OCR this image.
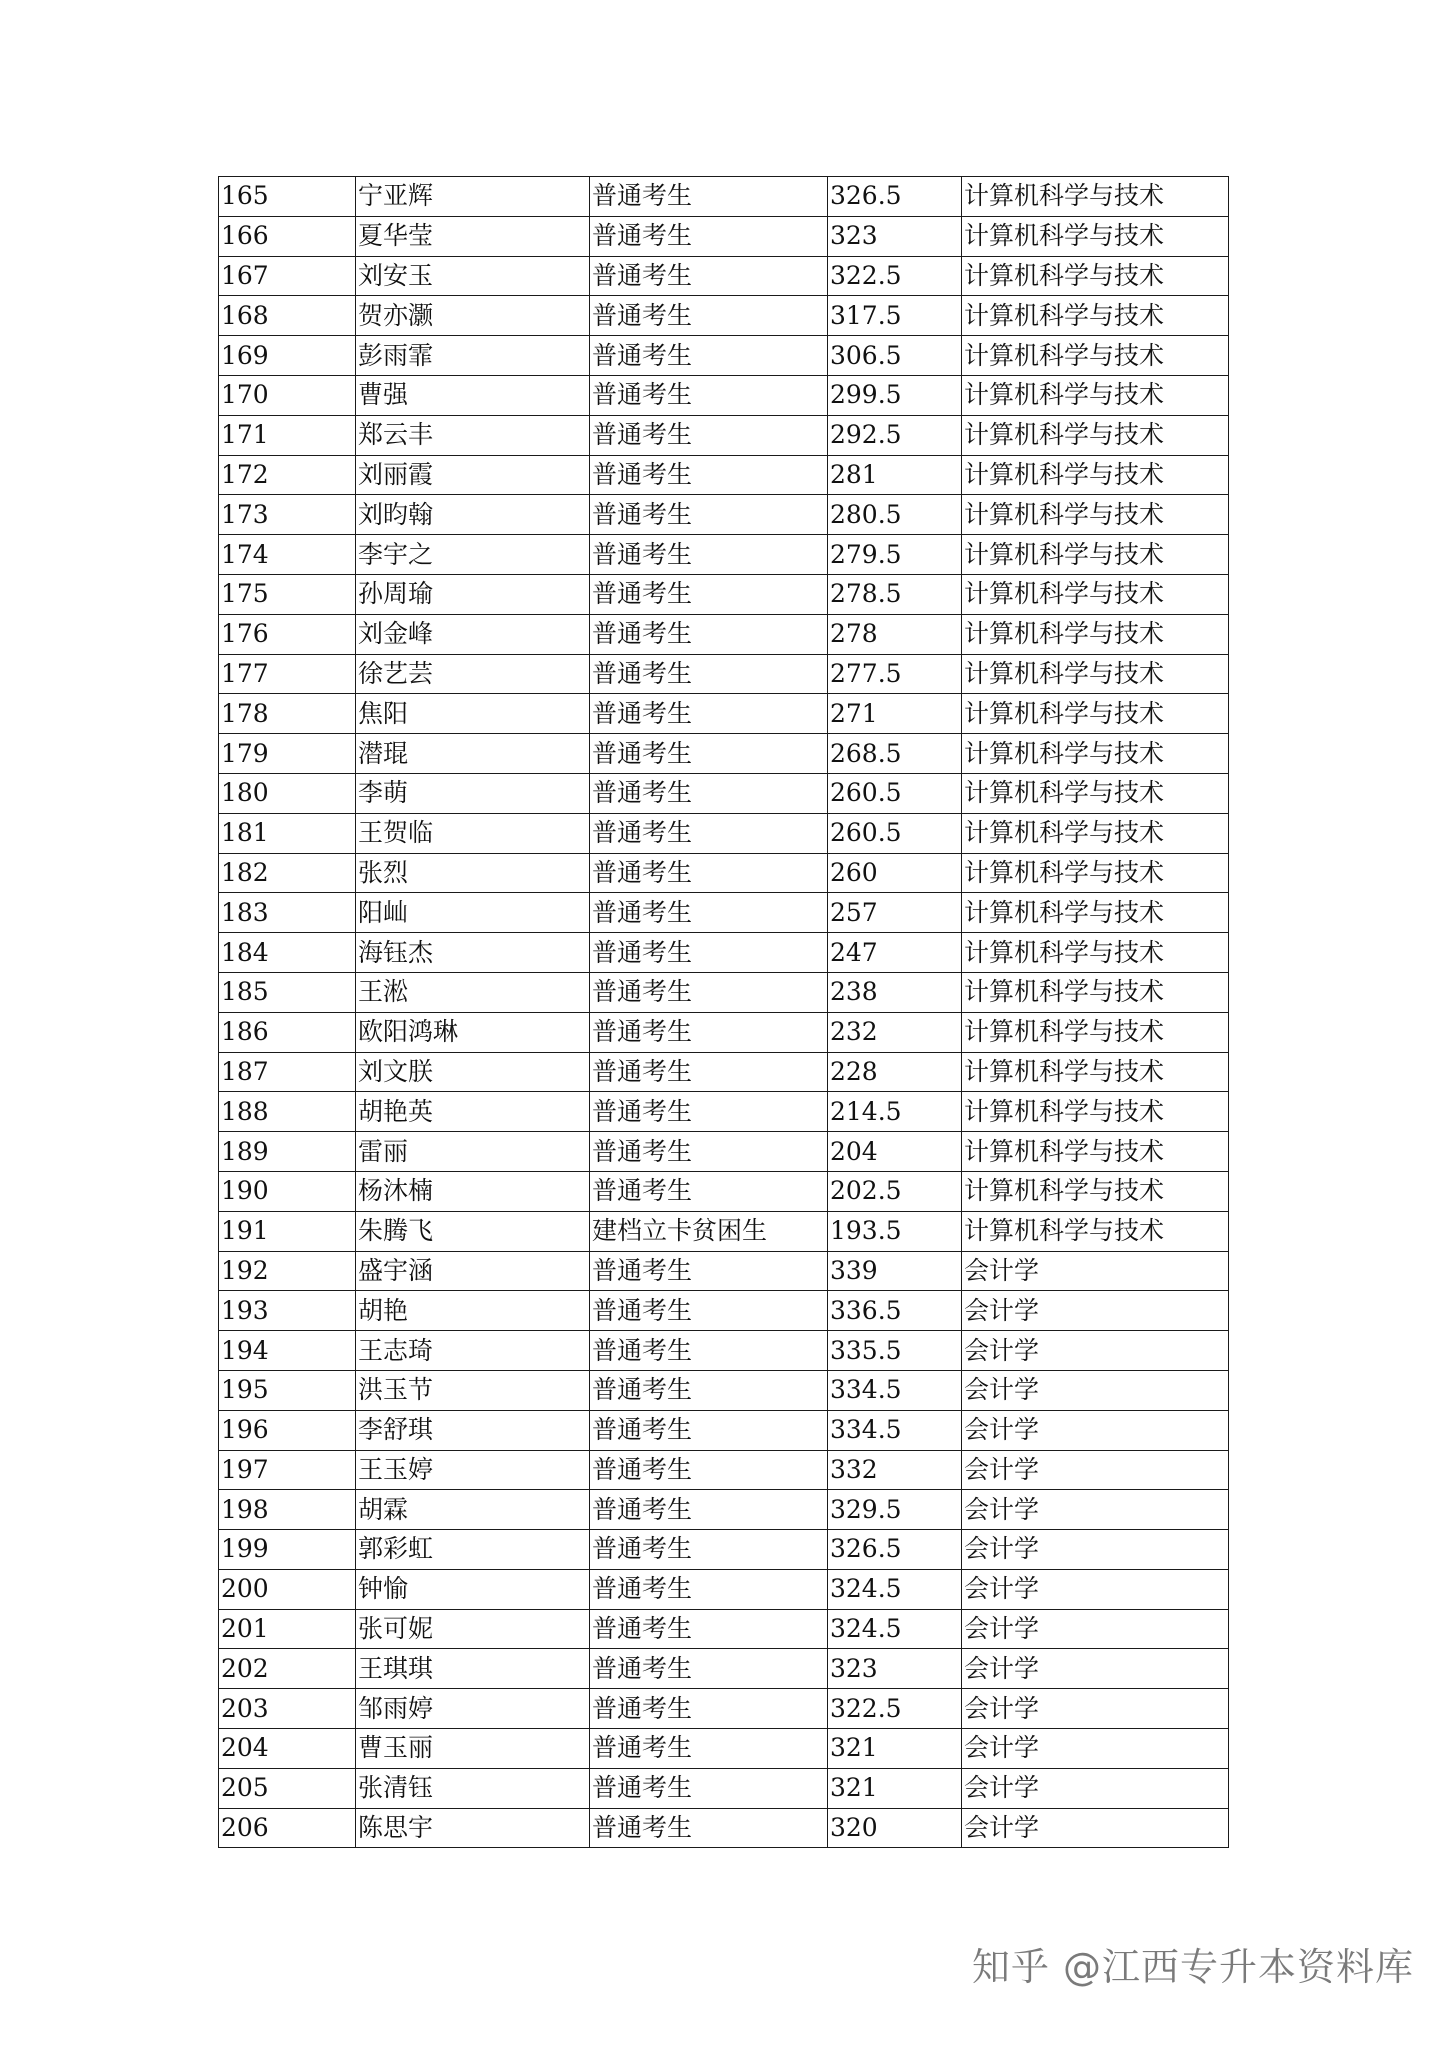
165	宁亚辉	普通考生	326.5	计算机科学与技术
166	夏华莹	普通考生	323	计算机科学与技术
167	刘安玉	普通考生	322.5	计算机科学与技术
168	贺亦灏	普通考生	317.5	计算机科学与技术
169	彭雨霏	普通考生	306.5	计算机科学与技术
170	曹强	普通考生	299.5	计算机科学与技术
171	郑云丰	普通考生	292.5	计算机科学与技术
172	刘丽霞	普通考生	281	计算机科学与技术
173	刘昀翰	普通考生	280.5	计算机科学与技术
174	李宇之	普通考生	279.5	计算机科学与技术
175	孙周瑜	普通考生	278.5	计算机科学与技术
176	刘金峰	普通考生	278	计算机科学与技术
177	徐艺芸	普通考生	277.5	计算机科学与技术
178	焦阳	普通考生	271	计算机科学与技术
179	潜琨	普通考生	268.5	计算机科学与技术
180	李萌	普通考生	260.5	计算机科学与技术
181	王贺临	普通考生	260.5	计算机科学与技术
182	张烈	普通考生	260	计算机科学与技术
183	阳屾	普通考生	257	计算机科学与技术
184	海钰杰	普通考生	247	计算机科学与技术
185	王淞	普通考生	238	计算机科学与技术
186	欧阳鸿琳	普通考生	232	计算机科学与技术
187	刘文朕	普通考生	228	计算机科学与技术
188	胡艳英	普通考生	214.5	计算机科学与技术
189	雷丽	普通考生	204	计算机科学与技术
190	杨沐楠	普通考生	202.5	计算机科学与技术
191	朱腾飞	建档立卡贫困生	193.5	计算机科学与技术
192	盛宇涵	普通考生	339	会计学
193	胡艳	普通考生	336.5	会计学
194	王志琦	普通考生	335.5	会计学
195	洪玉节	普通考生	334.5	会计学
196	李舒琪	普通考生	334.5	会计学
197	王玉婷	普通考生	332	会计学
198	胡霖	普通考生	329.5	会计学
199	郭彩虹	普通考生	326.5	会计学
200	钟愉	普通考生	324.5	会计学
201	张可妮	普通考生	324.5	会计学
202	王琪琪	普通考生	323	会计学
203	邹雨婷	普通考生	322.5	会计学
204	曹玉丽	普通考生	321	会计学
205	张清钰	普通考生	321	会计学
206	陈思宇	普通考生	320	会计学
知乎 @江西专升本资料库
